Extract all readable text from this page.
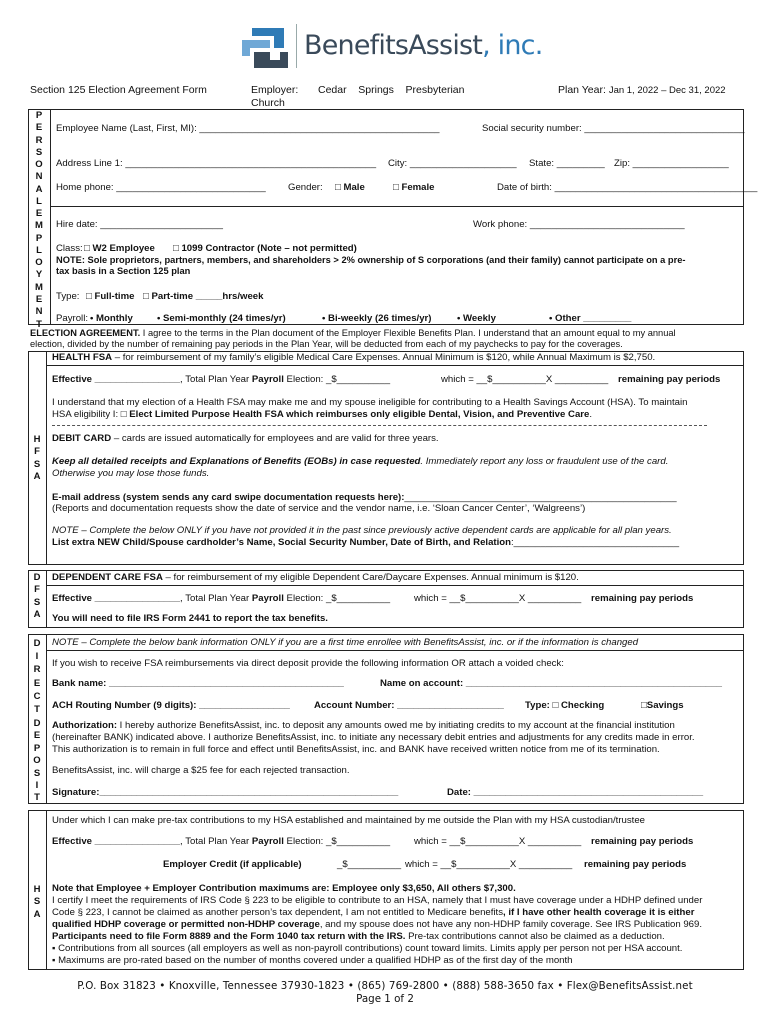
BenefitsAssist, inc.
Section 125 Election Agreement Form	Employer: Cedar    Springs    Presbyterian
Church
Plan Year: Jan 1, 2022 – Dec 31, 2022
P
E
R
S
O
N
A
L
E
M
P
L
O
Y
M
E
N
T
Employee Name (Last, First, MI): _____________________________________________	Social security number: ______________________________
Address Line 1: _______________________________________________ City: ____________________ State: _________ Zip: __________________
Home phone: ____________________________ Gender: □ Male	□ Female	Date of birth: ______________________________________
Hire date: _______________________	Work phone: _____________________________
Class: □ W2 Employee □ 1099 Contractor (Note – not permitted)
NOTE: Sole proprietors, partners, members, and shareholders > 2% ownership of S corporations (and their family) cannot participate on a pre-
tax basis in a Section 125 plan
Type: □ Full-time □ Part-time _____hrs/week
Payroll: • Monthly	• Semi-monthly (24 times/yr)	• Bi-weekly (26 times/yr)	• Weekly	• Other _________
ELECTION AGREEMENT. I agree to the terms in the Plan document of the Employer Flexible Benefits Plan. I understand that an amount equal to my annual
election, divided by the number of remaining pay periods in the Plan Year, will be deducted from each of my paychecks to pay for the coverages.
H
F
S
A
HEALTH FSA – for reimbursement of my family’s eligible Medical Care Expenses. Annual Minimum is $120, while Annual Maximum is $2,750.
Effective ________________, Total Plan Year Payroll Election: _$__________	which = __$__________X __________ remaining pay periods
I understand that my election of a Health FSA may make me and my spouse ineligible for contributing to a Health Savings Account (HSA). To maintain
HSA eligibility I: □ Elect Limited Purpose Health FSA which reimburses only eligible Dental, Vision, and Preventive Care.
DEBIT CARD – cards are issued automatically for employees and are valid for three years.
Keep all detailed receipts and Explanations of Benefits (EOBs) in case requested. Immediately report any loss or fraudulent use of the card.
Otherwise you may lose those funds.
E-mail address (system sends any card swipe documentation requests here):___________________________________________________
(Reports and documentation requests show the date of service and the vendor name, i.e. ‘Sloan Cancer Center’, ‘Walgreens’)
NOTE – Complete the below ONLY if you have not provided it in the past since previously active dependent cards are applicable for all plan years.
List extra NEW Child/Spouse cardholder’s Name, Social Security Number, Date of Birth, and Relation:_______________________________
D
F
S
A
DEPENDENT CARE FSA – for reimbursement of my eligible Dependent Care/Daycare Expenses. Annual minimum is $120.
Effective ________________, Total Plan Year Payroll Election: _$__________ which = __$__________X __________ remaining pay periods
You will need to file IRS Form 2441 to report the tax benefits.
D
I
R
E
C
T
D
E
P
O
S
I
T
NOTE – Complete the below bank information ONLY if you are a first time enrollee with BenefitsAssist, inc. or if the information is changed
If you wish to receive FSA reimbursements via direct deposit provide the following information OR attach a voided check:
Bank name: ____________________________________________	Name on account: ________________________________________________
ACH Routing Number (9 digits): _________________	Account Number: ____________________ Type: □ Checking	□Savings
Authorization: I hereby authorize BenefitsAssist, inc. to deposit any amounts owed me by initiating credits to my account at the financial institution
(hereinafter BANK) indicated above. I authorize BenefitsAssist, inc. to initiate any necessary debit entries and adjustments for any credits made in error.
This authorization is to remain in full force and effect until BenefitsAssist, inc. and BANK have received written notice from me of its termination.
BenefitsAssist, inc. will charge a $25 fee for each rejected transaction.
Signature:________________________________________________________	Date: ___________________________________________
H
S
A
Under which I can make pre-tax contributions to my HSA established and maintained by me outside the Plan with my HSA custodian/trustee
Effective ________________, Total Plan Year Payroll Election: _$__________ which = __$__________X __________ remaining pay periods
Employer Credit (if applicable)	_$__________ which = __$__________X __________ remaining pay periods
Note that Employee + Employer Contribution maximums are: Employee only $3,650, All others $7,300.
I certify I meet the requirements of IRS Code § 223 to be eligible to contribute to an HSA, namely that I must have coverage under a HDHP defined under
Code § 223, I cannot be claimed as another person’s tax dependent, I am not entitled to Medicare benefits, if I have other health coverage it is either
qualified HDHP coverage or permitted non-HDHP coverage, and my spouse does not have any non-HDHP family coverage. See IRS Publication 969.
Participants need to file Form 8889 and the Form 1040 tax return with the IRS. Pre-tax contributions cannot also be claimed as a deduction.
▪ Contributions from all sources (all employers as well as non-payroll contributions) count toward limits. Limits apply per person not per HSA account.
▪ Maximums are pro-rated based on the number of months covered under a qualified HDHP as of the first day of the month
P.O. Box 31823 • Knoxville, Tennessee 37930-1823 • (865) 769-2800 • (888) 588-3650 fax • Flex@BenefitsAssist.net
Page 1 of 2
